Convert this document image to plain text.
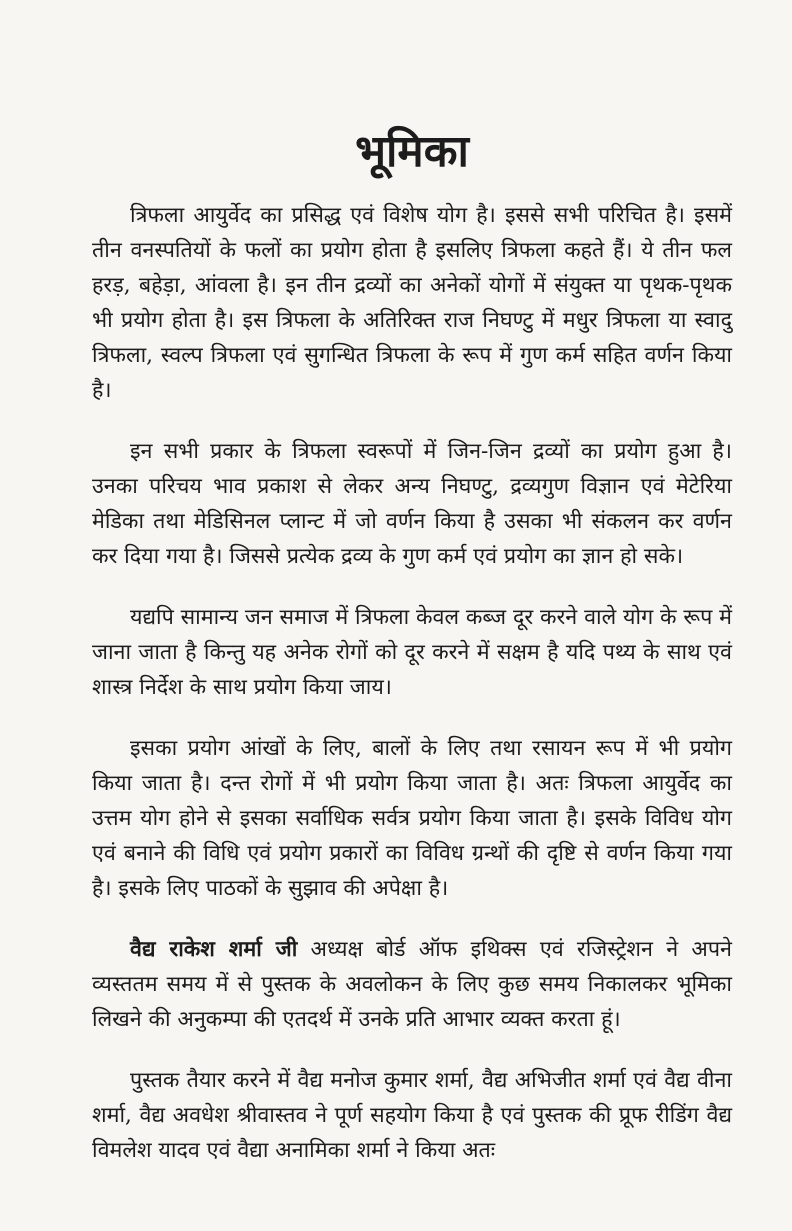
भूमिका

त्रिफला आयुर्वेद का प्रसिद्ध एवं विशेष योग है। इससे सभी परिचित है। इसमें तीन वनस्पतियों के फलों का प्रयोग होता है इसलिए त्रिफला कहते हैं। ये तीन फल हरड़, बहेड़ा, आंवला है। इन तीन द्रव्यों का अनेकों योगों में संयुक्त या पृथक-पृथक भी प्रयोग होता है। इस त्रिफला के अतिरिक्त राज निघण्टु में मधुर त्रिफला या स्वादु त्रिफला, स्वल्प त्रिफला एवं सुगन्धित त्रिफला के रूप में गुण कर्म सहित वर्णन किया है।

इन सभी प्रकार के त्रिफला स्वरूपों में जिन-जिन द्रव्यों का प्रयोग हुआ है। उनका परिचय भाव प्रकाश से लेकर अन्य निघण्टु, द्रव्यगुण विज्ञान एवं मेटेरिया मेडिका तथा मेडिसिनल प्लान्ट में जो वर्णन किया है उसका भी संकलन कर वर्णन कर दिया गया है। जिससे प्रत्येक द्रव्य के गुण कर्म एवं प्रयोग का ज्ञान हो सके।

यद्यपि सामान्य जन समाज में त्रिफला केवल कब्ज दूर करने वाले योग के रूप में जाना जाता है किन्तु यह अनेक रोगों को दूर करने में सक्षम है यदि पथ्य के साथ एवं शास्त्र निर्देश के साथ प्रयोग किया जाय।

इसका प्रयोग आंखों के लिए, बालों के लिए तथा रसायन रूप में भी प्रयोग किया जाता है। दन्त रोगों में भी प्रयोग किया जाता है। अतः त्रिफला आयुर्वेद का उत्तम योग होने से इसका सर्वाधिक सर्वत्र प्रयोग किया जाता है। इसके विविध योग एवं बनाने की विधि एवं प्रयोग प्रकारों का विविध ग्रन्थों की दृष्टि से वर्णन किया गया है। इसके लिए पाठकों के सुझाव की अपेक्षा है।

वैद्य राकेश शर्मा जी अध्यक्ष बोर्ड ऑफ इथिक्स एवं रजिस्ट्रेशन ने अपने व्यस्ततम समय में से पुस्तक के अवलोकन के लिए कुछ समय निकालकर भूमिका लिखने की अनुकम्पा की एतदर्थ में उनके प्रति आभार व्यक्त करता हूं।

पुस्तक तैयार करने में वैद्य मनोज कुमार शर्मा, वैद्य अभिजीत शर्मा एवं वैद्य वीना शर्मा, वैद्य अवधेश श्रीवास्तव ने पूर्ण सहयोग किया है एवं पुस्तक की प्रूफ रीडिंग वैद्य विमलेश यादव एवं वैद्या अनामिका शर्मा ने किया अतः
